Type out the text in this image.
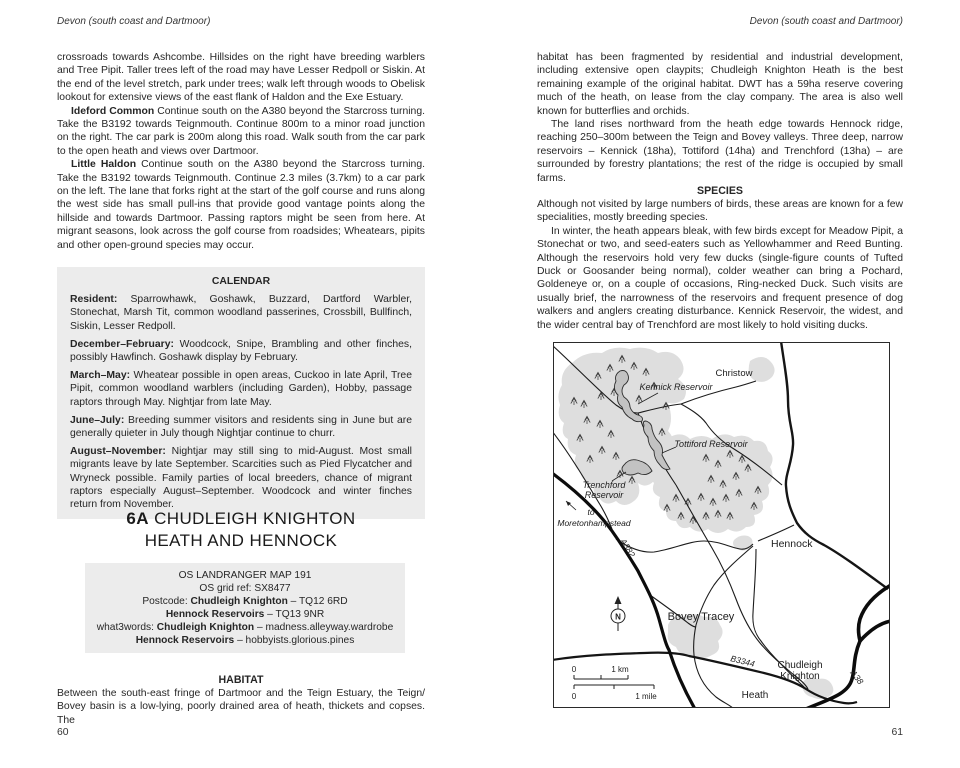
Devon (south coast and Dartmoor)

crossroads towards Ashcombe. Hillsides on the right have breeding warblers and Tree Pipit. Taller trees left of the road may have Lesser Redpoll or Siskin. At the end of the level stretch, park under trees; walk left through woods to Obelisk lookout for extensive views of the east flank of Haldon and the Exe Estuary.

Ideford Common Continue south on the A380 beyond the Starcross turning. Take the B3192 towards Teignmouth. Continue 800m to a minor road junction on the right. The car park is 200m along this road. Walk south from the car park to the open heath and views over Dartmoor.

Little Haldon Continue south on the A380 beyond the Starcross turning. Take the B3192 towards Teignmouth. Continue 2.3 miles (3.7km) to a car park on the left. The lane that forks right at the start of the golf course and runs along the west side has small pull-ins that provide good vantage points along the hillside and towards Dartmoor. Passing raptors might be seen from here. At migrant seasons, look across the golf course from roadsides; Wheatears, pipits and other open-ground species may occur.

CALENDAR

Resident: Sparrowhawk, Goshawk, Buzzard, Dartford Warbler, Stonechat, Marsh Tit, common woodland passerines, Crossbill, Bullfinch, Siskin, Lesser Redpoll.

December–February: Woodcock, Snipe, Brambling and other finches, possibly Hawfinch. Goshawk display by February.

March–May: Wheatear possible in open areas, Cuckoo in late April, Tree Pipit, common woodland warblers (including Garden), Hobby, passage raptors through May. Nightjar from late May.

June–July: Breeding summer visitors and residents sing in June but are generally quieter in July though Nightjar continue to churr.

August–November: Nightjar may still sing to mid-August. Most small migrants leave by late September. Scarcities such as Pied Flycatcher and Wryneck possible. Family parties of local breeders, chance of migrant raptors especially August–September. Woodcock and winter finches return from November.

6A CHUDLEIGH KNIGHTON
HEATH AND HENNOCK
OS LANDRANGER MAP 191
OS grid ref: SX8477
Postcode: Chudleigh Knighton – TQ12 6RD
Hennock Reservoirs – TQ13 9NR
what3words: Chudleigh Knighton – madness.alleyway.wardrobe
Hennock Reservoirs – hobbyists.glorious.pines
HABITAT

Between the south-east fringe of Dartmoor and the Teign Estuary, the Teign/ Bovey basin is a low-lying, poorly drained area of heath, thickets and copses. The

60
Devon (south coast and Dartmoor)

habitat has been fragmented by residential and industrial development, including extensive open claypits; Chudleigh Knighton Heath is the best remaining example of the original habitat. DWT has a 59ha reserve covering much of the heath, on lease from the clay company. The area is also well known for butterflies and orchids.

The land rises northward from the heath edge towards Hennock ridge, reaching 250–300m between the Teign and Bovey valleys. Three deep, narrow reservoirs – Kennick (18ha), Tottiford (14ha) and Trenchford (13ha) – are surrounded by forestry plantations; the rest of the ridge is occupied by small farms.

SPECIES

Although not visited by large numbers of birds, these areas are known for a few specialities, mostly breeding species.

In winter, the heath appears bleak, with few birds except for Meadow Pipit, a Stonechat or two, and seed-eaters such as Yellowhammer and Reed Bunting. Although the reservoirs hold very few ducks (single-figure counts of Tufted Duck or Goosander being normal), colder weather can bring a Pochard, Goldeneye or, on a couple of occasions, Ring-necked Duck. Such visits are usually brief, the narrowness of the reservoirs and frequent presence of dog walkers and anglers creating disturbance. Kennick Reservoir, the widest, and the wider central bay of Trenchford are most likely to hold visiting ducks.

Christow
Kennick Reservoir
Tottiford Reservoir
Trenchford Reservoir
to Moretonhampstead
A382	Hennock
Bovey Tracey
B3344 Chudleigh Knighton
Heath
A38
N
0	1 km
0	1 mile
61
